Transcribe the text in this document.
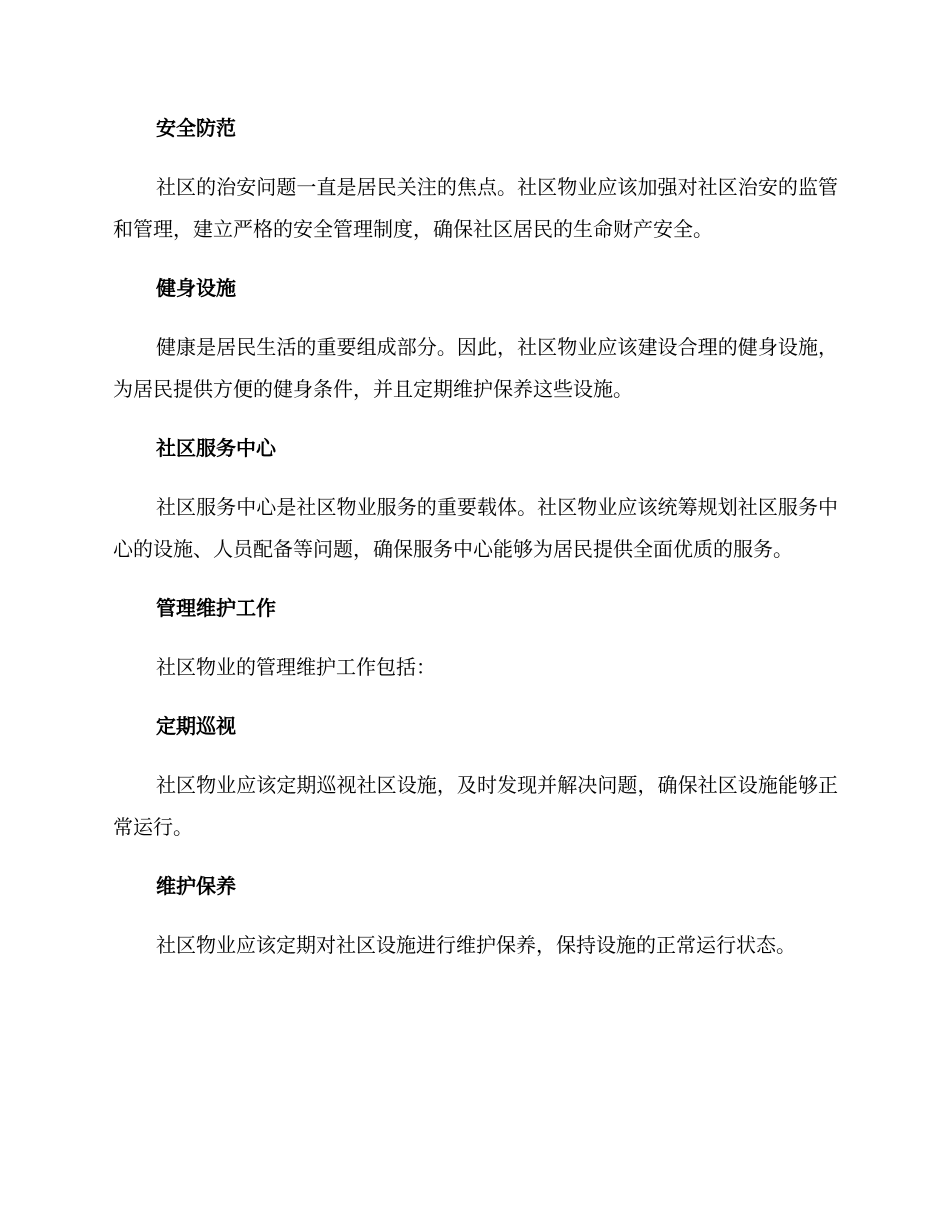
安全防范

社区的治安问题一直是居民关注的焦点。社区物业应该加强对社区治安的监管和管理，建立严格的安全管理制度，确保社区居民的生命财产安全。

健身设施

健康是居民生活的重要组成部分。因此，社区物业应该建设合理的健身设施，为居民提供方便的健身条件，并且定期维护保养这些设施。

社区服务中心

社区服务中心是社区物业服务的重要载体。社区物业应该统筹规划社区服务中心的设施、人员配备等问题，确保服务中心能够为居民提供全面优质的服务。

管理维护工作

社区物业的管理维护工作包括：

定期巡视

社区物业应该定期巡视社区设施，及时发现并解决问题，确保社区设施能够正常运行。

维护保养

社区物业应该定期对社区设施进行维护保养，保持设施的正常运行状态。
